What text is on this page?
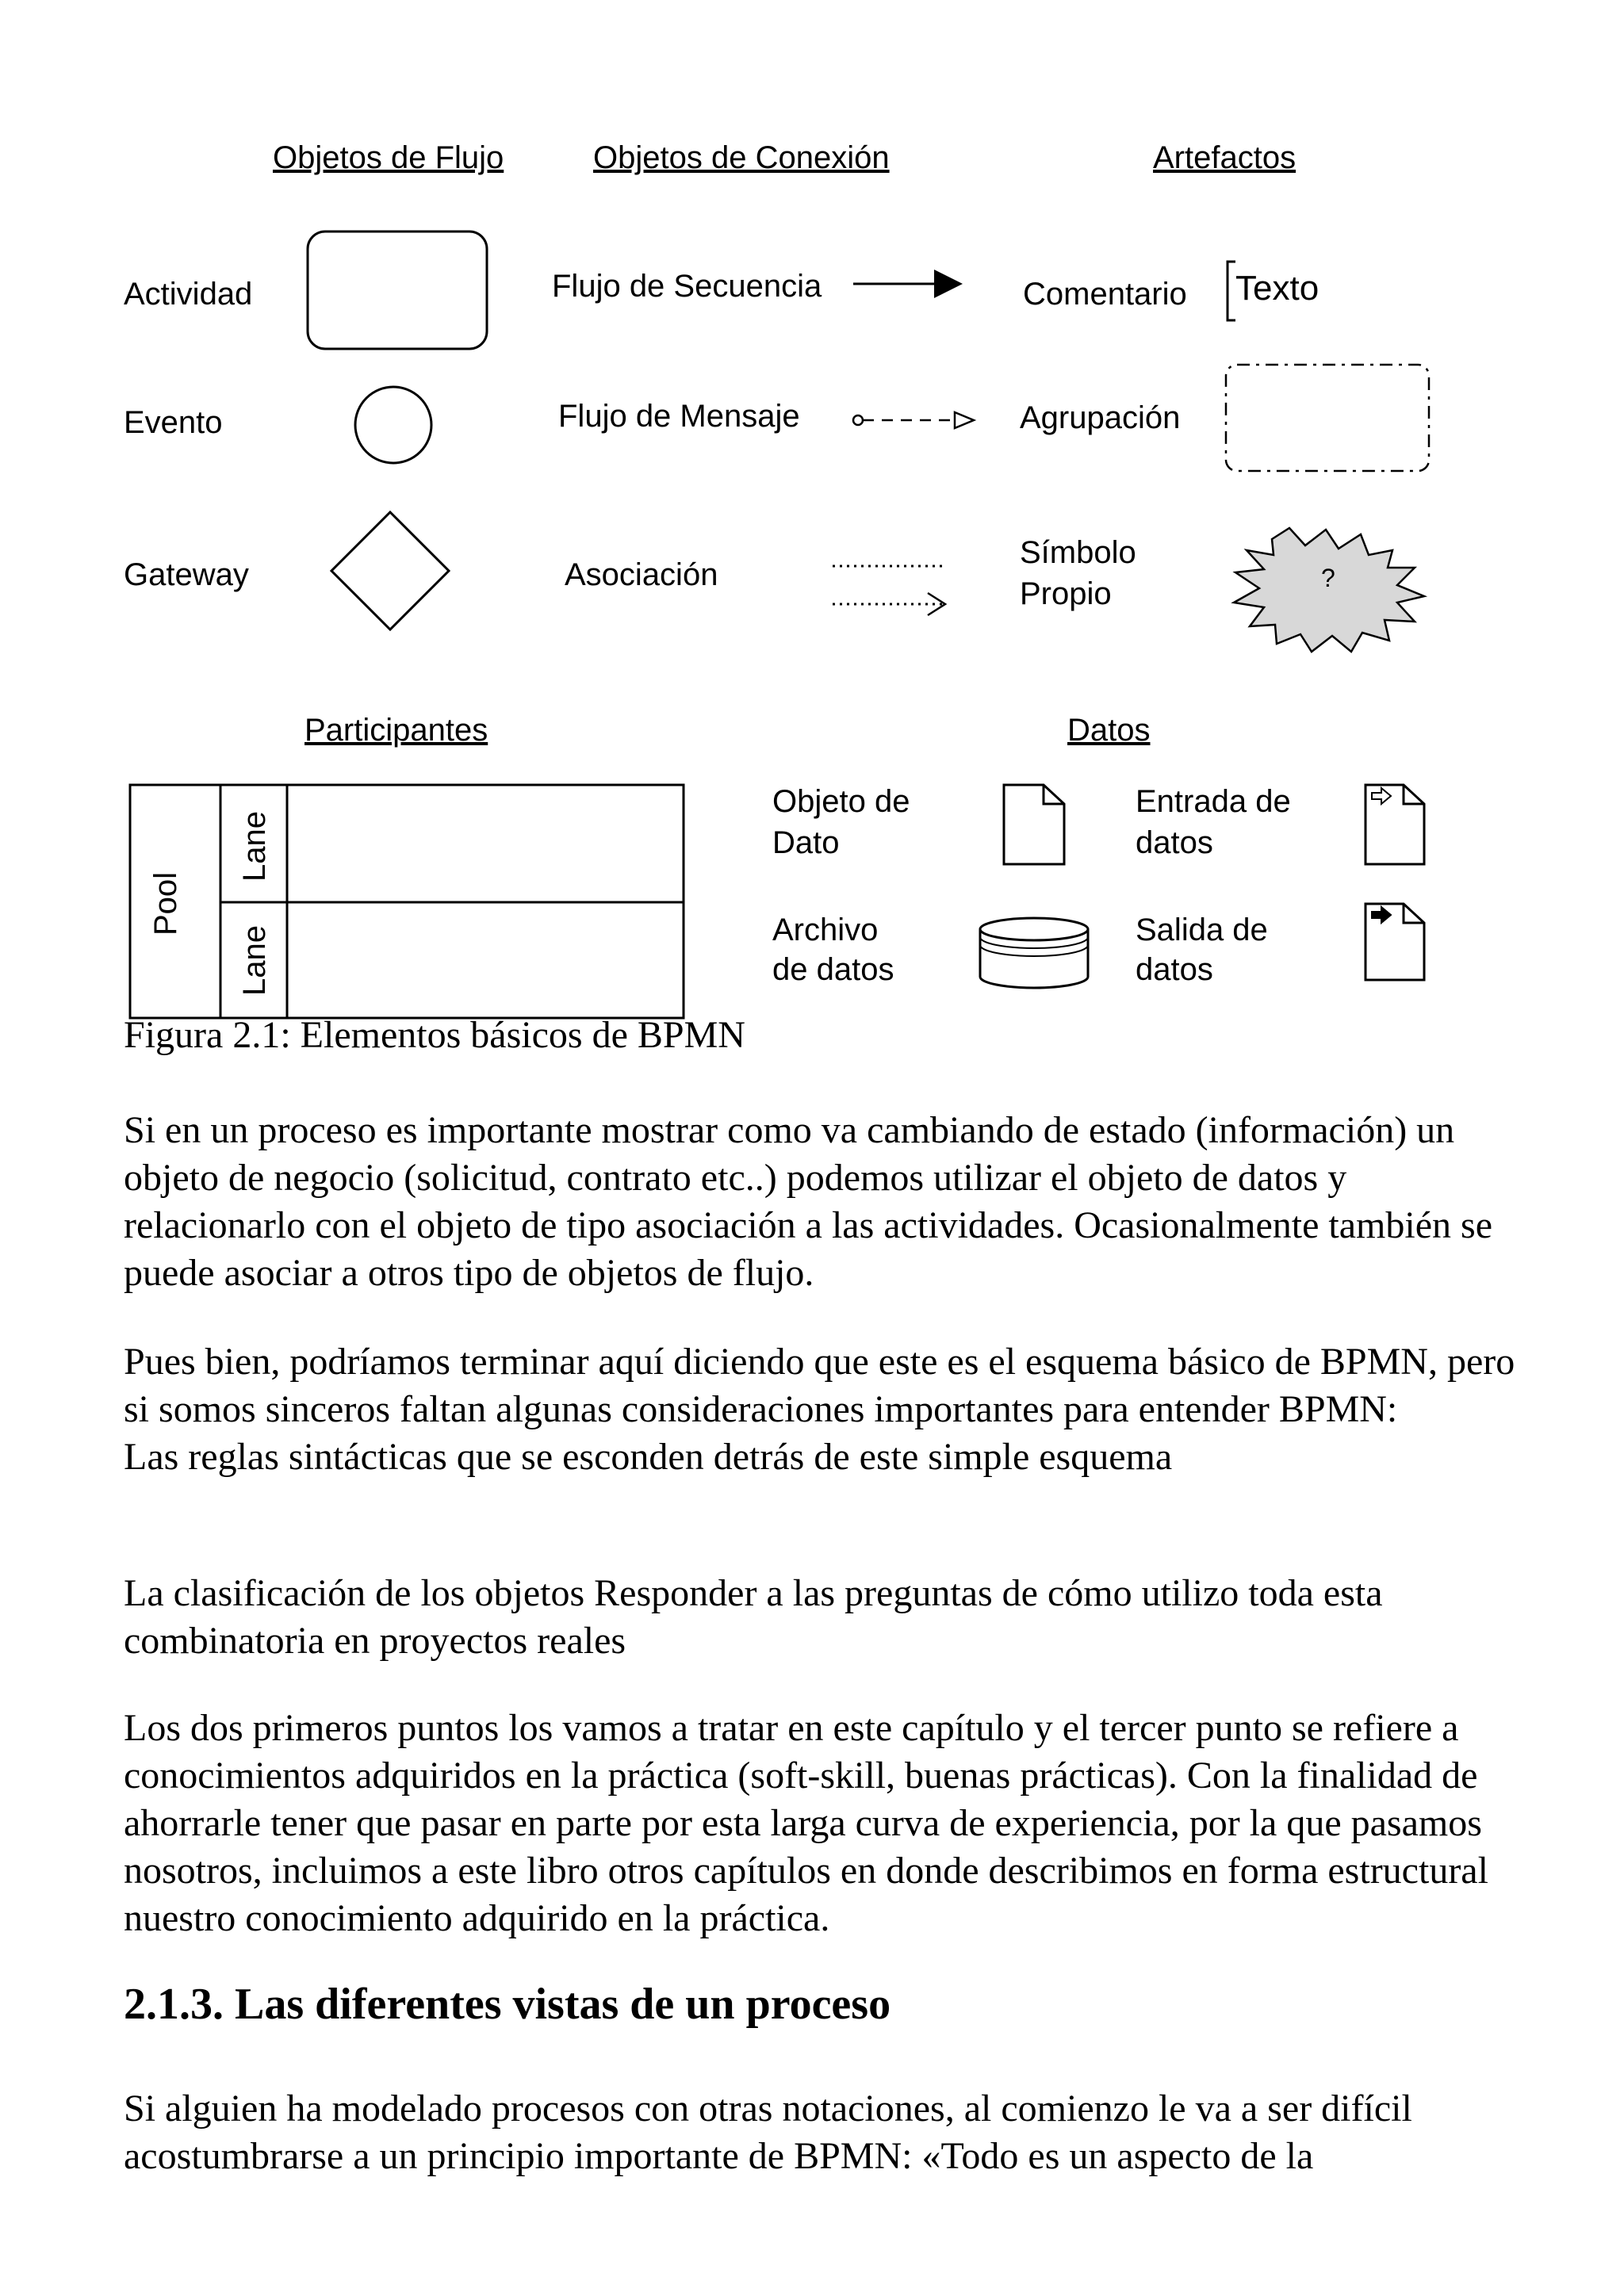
Objetos de Flujo	Objetos de Conexión	Artefactos
Actividad	Flujo de Secuencia	Comentario Texto
Evento	Flujo de Mensaje	Agrupación
Gateway	Asociación
Símbolo
Propio	?
Participantes	Datos
Pool
Lane
Lane
Objeto de
Dato
Entrada de
datos
Archivo
de datos
Salida de
datos
Figura 2.1: Elementos básicos de BPMN

Si en un proceso es importante mostrar como va cambiando de estado (información) un objeto de negocio (solicitud, contrato etc..) podemos utilizar el objeto de datos y relacionarlo con el objeto de tipo asociación a las actividades. Ocasionalmente también se puede asociar a otros tipo de objetos de flujo.

Pues bien, podríamos terminar aquí diciendo que este es el esquema básico de BPMN, pero si somos sinceros faltan algunas consideraciones importantes para entender BPMN:

Las reglas sintácticas que se esconden detrás de este simple esquema

La clasificación de los objetos Responder a las preguntas de cómo utilizo toda esta combinatoria en proyectos reales

Los dos primeros puntos los vamos a tratar en este capítulo y el tercer punto se refiere a conocimientos adquiridos en la práctica (soft-skill, buenas prácticas). Con la finalidad de ahorrarle tener que pasar en parte por esta larga curva de experiencia, por la que pasamos nosotros, incluimos a este libro otros capítulos en donde describimos en forma estructural nuestro conocimiento adquirido en la práctica.

2.1.3. Las diferentes vistas de un proceso

Si alguien ha modelado procesos con otras notaciones, al comienzo le va a ser difícil acostumbrarse a un principio importante de BPMN: «Todo es un aspecto de la
